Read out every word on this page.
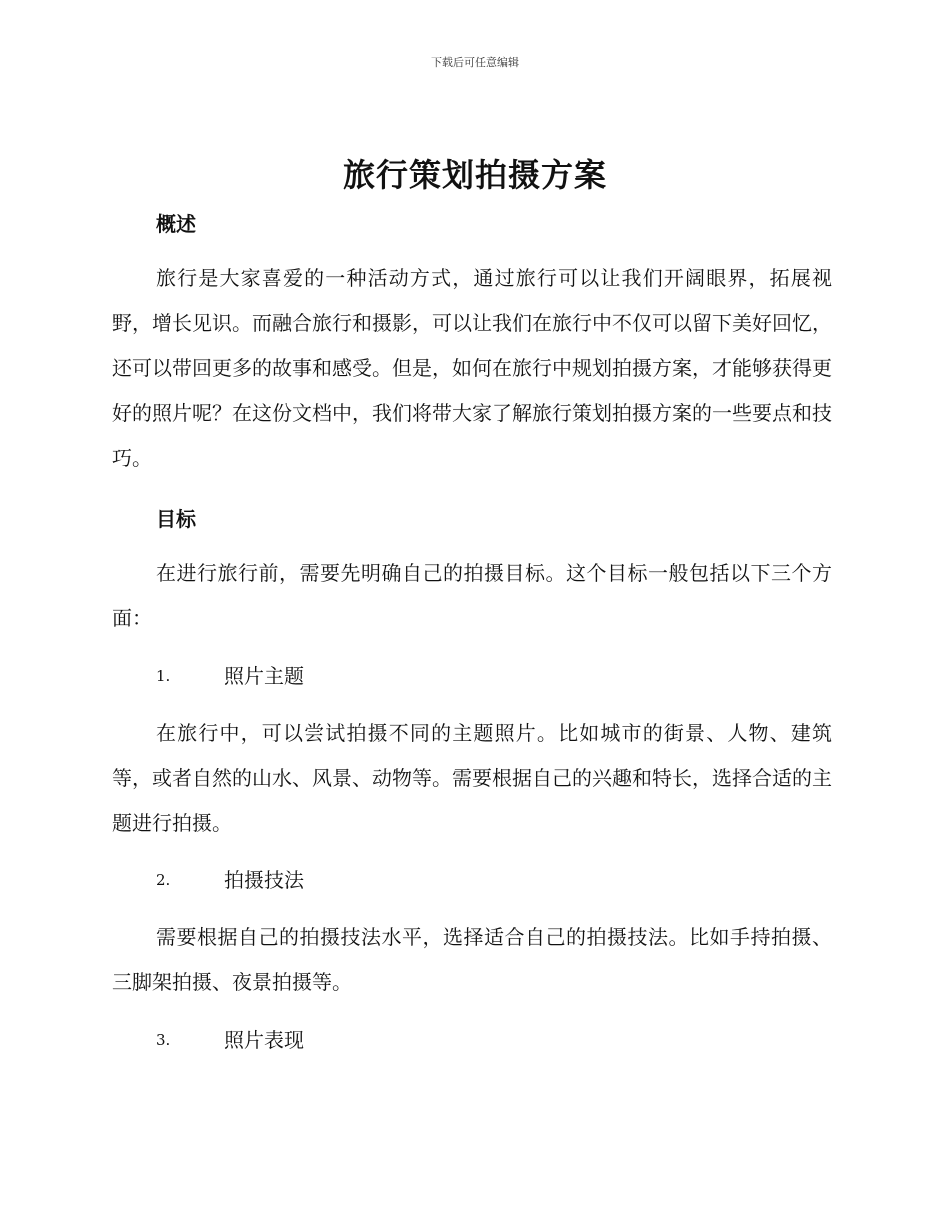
下载后可任意编辑
旅行策划拍摄方案
概述

旅行是大家喜爱的一种活动方式，通过旅行可以让我们开阔眼界，拓展视野，增长见识。而融合旅行和摄影，可以让我们在旅行中不仅可以留下美好回忆，还可以带回更多的故事和感受。但是，如何在旅行中规划拍摄方案，才能够获得更好的照片呢？在这份文档中，我们将带大家了解旅行策划拍摄方案的一些要点和技巧。

目标

在进行旅行前，需要先明确自己的拍摄目标。这个目标一般包括以下三个方面：

1.	照片主题

在旅行中，可以尝试拍摄不同的主题照片。比如城市的街景、人物、建筑等，或者自然的山水、风景、动物等。需要根据自己的兴趣和特长，选择合适的主题进行拍摄。

2.	拍摄技法

需要根据自己的拍摄技法水平，选择适合自己的拍摄技法。比如手持拍摄、三脚架拍摄、夜景拍摄等。

3.	照片表现
